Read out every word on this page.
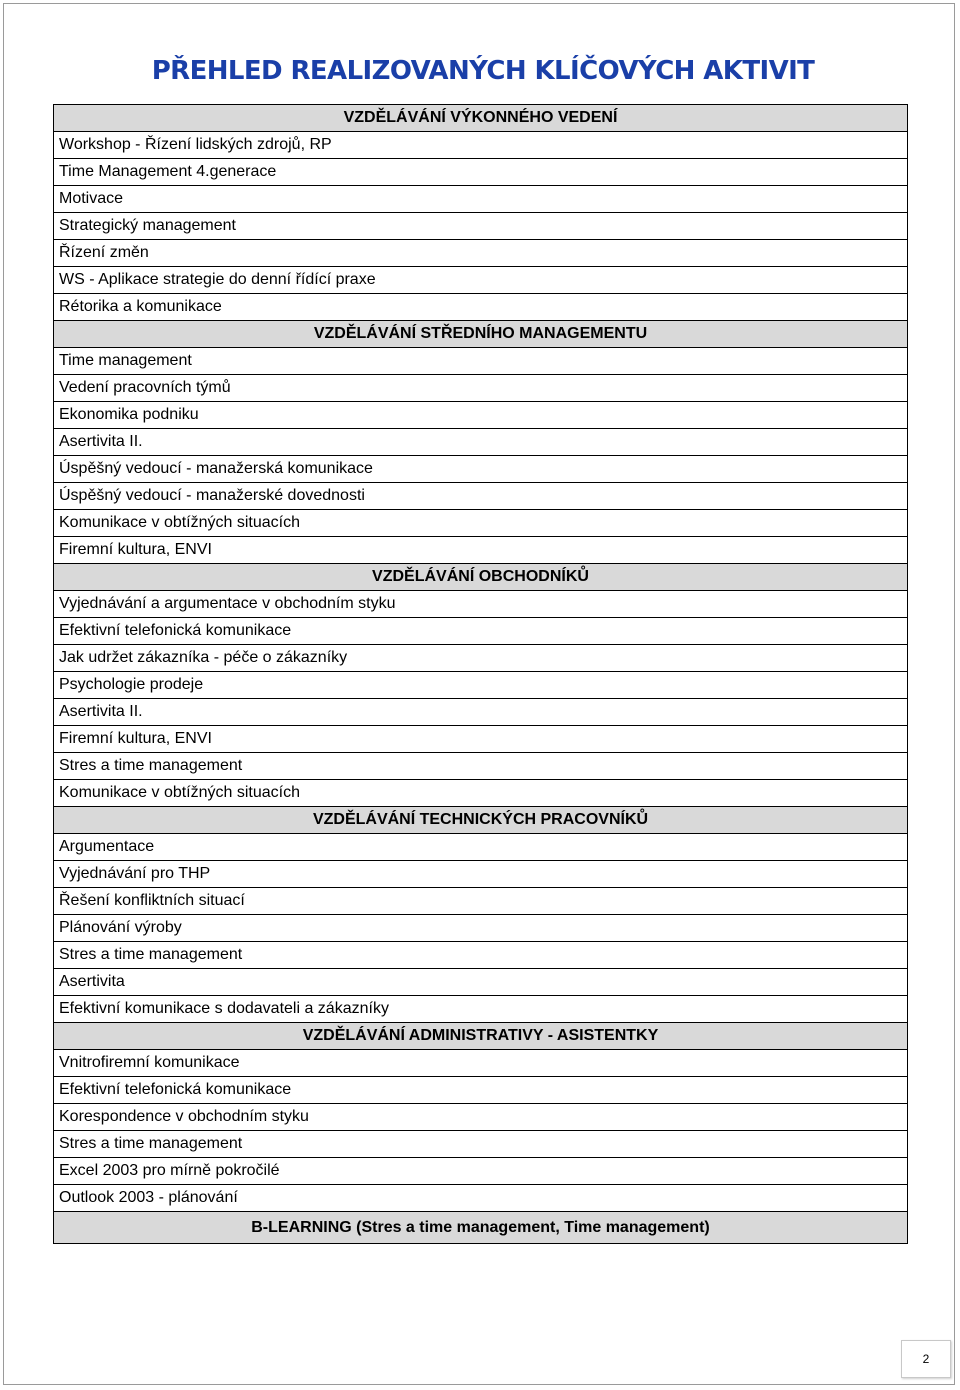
PŘEHLED REALIZOVANÝCH KLÍČOVÝCH AKTIVIT
VZDĚLÁVÁNÍ VÝKONNÉHO VEDENÍ
Workshop - Řízení lidských zdrojů, RP
Time Management 4.generace
Motivace
Strategický management
Řízení změn
WS - Aplikace strategie do denní řídící praxe
Rétorika a komunikace
VZDĚLÁVÁNÍ STŘEDNÍHO MANAGEMENTU
Time management
Vedení pracovních týmů
Ekonomika podniku
Asertivita II.
Úspěšný vedoucí - manažerská komunikace
Úspěšný vedoucí - manažerské dovednosti
Komunikace v obtížných situacích
Firemní kultura, ENVI
VZDĚLÁVÁNÍ OBCHODNÍKŮ
Vyjednávání a argumentace v obchodním styku
Efektivní telefonická komunikace
Jak udržet zákazníka - péče o zákazníky
Psychologie prodeje
Asertivita II.
Firemní kultura, ENVI
Stres a time management
Komunikace v obtížných situacích
VZDĚLÁVÁNÍ TECHNICKÝCH PRACOVNÍKŮ
Argumentace
Vyjednávání pro THP
Řešení konfliktních situací
Plánování výroby
Stres a time management
Asertivita
Efektivní komunikace s dodavateli a zákazníky
VZDĚLÁVÁNÍ ADMINISTRATIVY - ASISTENTKY
Vnitrofiremní komunikace
Efektivní telefonická komunikace
Korespondence v obchodním styku
Stres a time management
Excel 2003 pro mírně pokročilé
Outlook 2003 - plánování
B-LEARNING (Stres a time management, Time management)
2
